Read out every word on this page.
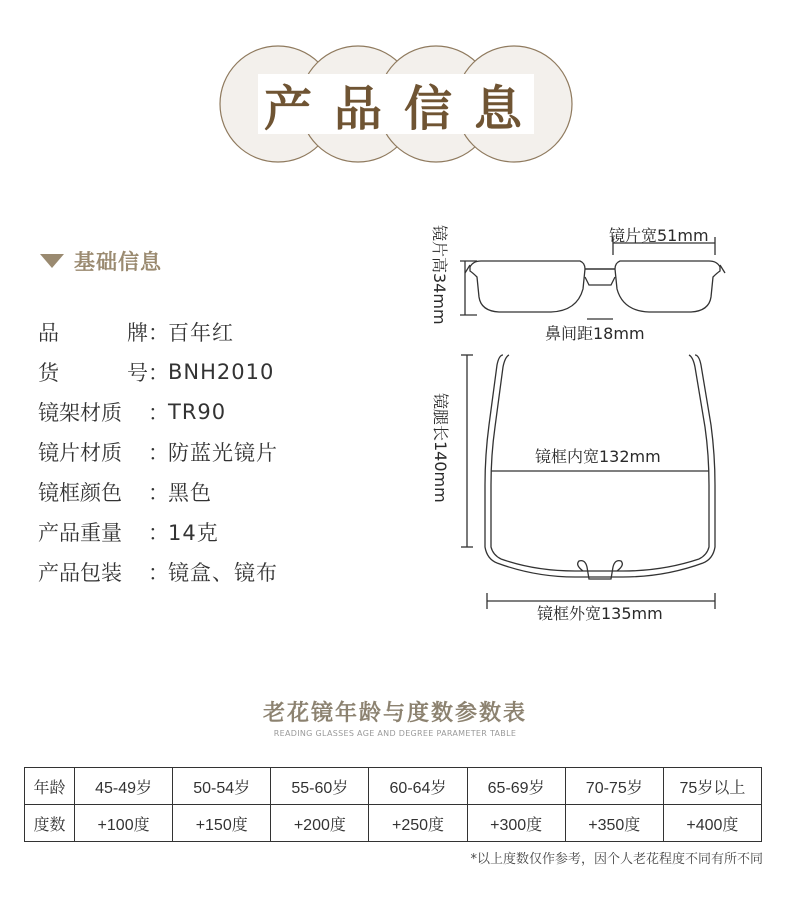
产品信息
基础信息
品	牌 ： 百年红
货	号 ： BNH2010
镜架材质	： TR90
镜片材质	： 防蓝光镜片
镜框颜色	： 黑色
产品重量	： 14克
产品包装	： 镜盒、镜布
镜片宽51mm
镜片高34mm
鼻间距18mm
镜腿长140mm	镜框内宽132mm
镜框外宽135mm
老花镜年龄与度数参数表
READING GLASSES AGE AND DEGREE PARAMETER TABLE
年龄	45-49岁	50-54岁	55-60岁	60-64岁	65-69岁	70-75岁	75岁以上
度数	+100度	+150度	+200度	+250度	+300度	+350度	+400度
*以上度数仅作参考，因个人老花程度不同有所不同
